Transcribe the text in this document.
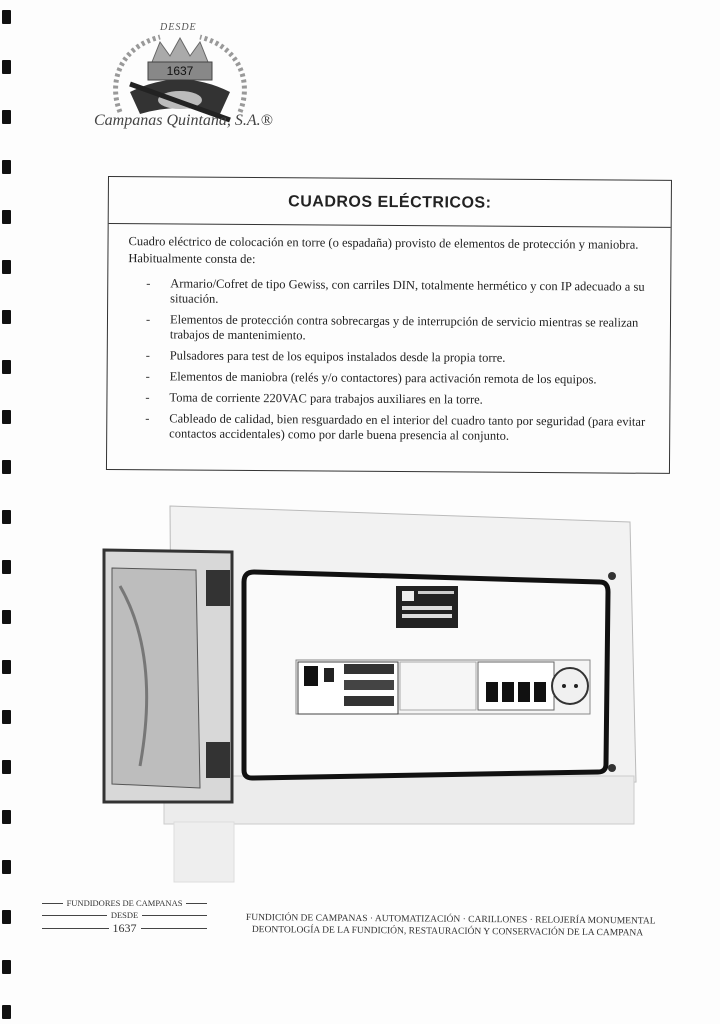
DESDE
1637
Campanas Quintana, S.A.®
CUADROS ELÉCTRICOS:

Cuadro eléctrico de colocación en torre (o espadaña) provisto de elementos de protección y maniobra.

Habitualmente consta de:

- Armario/Cofret de tipo Gewiss, con carriles DIN, totalmente hermético y con IP adecuado a su situación.
- Elementos de protección contra sobrecargas y de interrupción de servicio mientras se realizan trabajos de mantenimiento.
- Pulsadores para test de los equipos instalados desde la propia torre.
- Elementos de maniobra (relés y/o contactores) para activación remota de los equipos.
- Toma de corriente 220VAC para trabajos auxiliares en la torre.
- Cableado de calidad, bien resguardado en el interior del cuadro tanto por seguridad (para evitar contactos accidentales) como por darle buena presencia al conjunto.
FUNDIDORES DE CAMPANAS
DESDE
1637
FUNDICIÓN DE CAMPANAS · AUTOMATIZACIÓN · CARILLONES · RELOJERÍA MONUMENTAL
DEONTOLOGÍA DE LA FUNDICIÓN, RESTAURACIÓN Y CONSERVACIÓN DE LA CAMPANA
